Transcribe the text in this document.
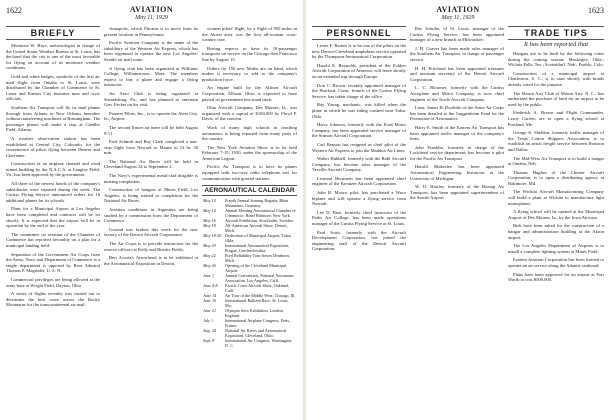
1622	AVIATION
May 11, 1929
BRIEFLY

Montrose W. Hays, meteorologist in charge of the United States Weather Bureau at St. Louis, has declared that the city is one of the most favorable for flying on account of its moderate weather conditions.

Gold and white badges, symbolic of the first air mail flight from Omaha to St. Louis, were distributed by the Chamber of Commerce to St. Louis and Kansas City business men and civic officials.

Southern Air Transport will fly its mail planes through from Atlanta to New Orleans hereafter without transferring machines at Birmingham. The passenger planes will make a stop at Candler Field, Atlanta.

A weather observation station has been established at Central City, Colorado, for the convenience of pilots flying between Denver and Cheyenne.

Construction of an airplane channel and wind tunnel building by the N.A.C.A. at Langley Field, Va., has been approved by the government.

All three of the newest hotels of the company's subsidiaries were reported during the week. The Curtiss Flying Service announced orders for 16 additional planes for its schools.

Plans for a Municipal Airport at Los Angeles have been completed and contracts will be let shortly. It is expected that the airport will be in operation by the end of the year.

The committee on aviation of the Chamber of Commerce has reported favorably on a plan for a municipal landing field.

Separation of the Government Air Corps from the Army, Navy and Department of Commerce is a single department is opposed by Rear Admiral Thomas P. Magruder, U. S. N.

Commercial privileges are being allowed at the army base at Wright Field, Dayton, Ohio.

A series of flights recently was carried out to determine the best route across the Rocky Mountains for the transcontinental air mail.

Annapolis, which Pitcairn is to move from its present location in Pennsylvania.

Pacific Aviation Company is the name of the subsidiary of the Western Air Express, which has been organized to operate the new Los Angeles-Seattle air mail route.

A flying club has been organized at Williams College, Williamstown, Mass. The members expect to buy a plane and engage a flying instructor.

An Aero Club is being organized at Stroudsburg, Pa., and has planned to entertain Gen. Fechet on his visit.

Pioneer Pilots, Inc., is to operate the Avon City, Ia., Airport.

The second Easter air meet will be held August 9-11.

Fred Schmitt and Roy Clark completed a non-stop flight from Newark to Miami in 13 hr. 30 min.

The National Air Races will be held in Cleveland August 24 to September 2.

The Navy's experimental metal-clad dirigible is nearing completion.

Construction of hangars at Mines Field, Los Angeles, is being rushed to completion for the National Air Races.

Aviation conditions in Argentina are being studied by a commission from the Department of Commerce.

Ground was broken this week for the new factory of the Detroit Aircraft Corporation.

The Air Corps is to provide instruction for the reserve officers at Kelly and Brooks Fields.

Bert Acosta's Arrowhead is to be exhibited at the Aeronautical Exposition in Detroit.

women pilots' flight, by a flight of 950 miles in the Akron area, was the first all-woman cross-country race.

Boeing expects to have its 18-passenger transports on service on the Chicago-San Francisco line by August 15.

Orders for 150 new Moths are on hand, which makes it necessary to add to the company's production force.

An engine built by the Allison Aircraft Corporation, Allison, Ohio, is expected to have passed its government test stand trials.

Ohio Aircraft Company, Des Moines, Ia., was organized with a capital of $100,000 by Floyd F. Davis, of the concern.

Work of many high schools in teaching aeronautics is being reported from many parts of the country.

The New York Aviation Show is to be held February 7-15, 1930, under the sponsorship of the American Legion.

Pacific Air Transport is to have its planes equipped with two-way radio telephone sets for communication with ground stations.

AERONAUTICAL CALENDAR
May 14	Fourth Annual Soaring Regatta, Rhön Mountains, Germany.
May 14	Annual Meeting Aeronautical Chamber of Commerce, Hotel Biltmore, New York.
May 16	Aircraft Exhibition, Stockholm, Sweden.
May 18	All-American Aircraft Show, Detroit, Mich.
May 18-20	Dedication of Municipal Airport, Tulsa, Okla.
May 20	International Aeronautical Exposition, Prague, Czechoslovakia.
May 22	Ford Reliability Tour leaves Dearborn, Mich.
May 26	Opening of the Cleveland Municipal Airport.
June 1	Annual Convention, National Aeronautic Association, Los Angeles, Calif.
June 4-8	Pacific Coast Aircraft Show, Oakland, Calif.
June 14	Air Tour of the Middle West, Chicago, Ill.
June 16	International Balloon Race, St. Louis, Mo.
June 21	Olympia Aero Exhibition, London, England.
July 1	International Airplane Congress, Paris, France.
Aug. 24	National Air Races and Aeronautical Exposition, Cleveland, Ohio.
Sept. 8	International Air Congress, Washington, D. C.
AVIATION
May 11, 1929
1623
PERSONNEL

Lester F. Barnes is to be one of the pilots on the new Detroit-Cleveland amphibian service operated by the Thompson Aeronautical Corporation.

Harold E. Reynolds, president of the Fokker Aircraft Corporation of America, will leave shortly on an extended trip through Europe.

Don C. Brown, recently appointed manager of the Hartford, Conn., branch of the Curtiss Flying Service, has taken charge of the office.

Ray Young, mechanic, was killed when the plane in which he was riding crashed near Tulsa, Okla.

Harry Johnson, formerly with the Ford Motor Company, has been appointed service manager of the Stinson Aircraft Corporation.

Carl Benson has resigned as chief pilot of the Western Air Express to join the Maddux Air Lines.

Walter Hubbell, formerly with the Buhl Aircraft Company, has become sales manager of the Verville Aircraft Company.

Leonard Bernstein has been appointed chief engineer of the Kreutzer Aircraft Corporation.

John R. Moore, pilot, has purchased a Waco biplane and will operate a flying service from Newark.

Lee D. Rise, formerly chief instructor of the Parks Air College, has been made operations manager of the Curtiss Flying Service at St. Louis.

Paul Scott, formerly with the Aircraft Development Corporation, has joined the engineering staff of the Detroit Aircraft Corporation.

Ray Schultz, of St. Louis, manager of the Curtiss Flying Service, has been appointed manager of a new branch at Milwaukee.

J. H. Graves has been made sales manager of the Southern Air Transport, in charge of passenger service.

H. H. Pritchard has been appointed treasurer and assistant secretary of the Detroit Aircraft Corporation.

L. C. Bloomer, formerly with the Curtiss Aeroplane and Motor Company, is now chief engineer of the Towle Aircraft Company.

Lieut. James H. Doolittle of the Army Air Corps has been detailed to the Guggenheim Fund for the Promotion of Aeronautics.

Harry E. Smith of the Eastern Air Transport has been appointed traffic manager of the company's lines.

John Franklin, formerly in charge of the Lockheed service department, has become a pilot for the Pacific Air Transport.

Harold Blakeslee has been appointed Aeronautical Engineering Instructor at the University of Michigan.

W. D. Hartley, formerly of the Boeing Air Transport, has been appointed superintendent of the Seattle Airport.

TRADE TIPS
It has been reported that

Hangars are to be built by the following cities during the coming season: Muskogee, Okla.; Wichita Falls, Tex.; Scottsbluff, Neb.; Pueblo, Colo.

Construction of a municipal airport at Charleston, S. C., is to start shortly with bonds already voted for the purpose.

The Mount Airy Club of Mount Airy, N. C., has authorized the purchase of land for an airport to be used by the public.

Frederick A. Brown and Flight Commander, Leroy Carrier, are to open a flying school at Portland, Me.

George A. Sheldon, formerly traffic manager of the Texas Cotton Shippers Association, is to establish an aerial freight service between Houston and Dallas.

The Mid-West Air Transport is to build a hangar at Omaha, Neb.

Thomas Hughes of the Chester Aircraft Corporation, is to open a distributing agency at Baltimore, Md.

The Wichita Aircraft Manufacturing Company will build a plant at Wichita to manufacture light monoplanes.

A flying school will be opened at the Municipal Airport of Des Moines, Ia., by the Iowa Airways.

Bids have been asked for the construction of a hangar and administration building at the Akron airport.

The Los Angeles Department of Airports is to install a complete lighting system at Mines Field.

Eastern Aviation Corporation has been formed to operate an air service along the Atlantic seaboard.

Plans have been approved for an airport at Fort Worth to cost $500,000.
